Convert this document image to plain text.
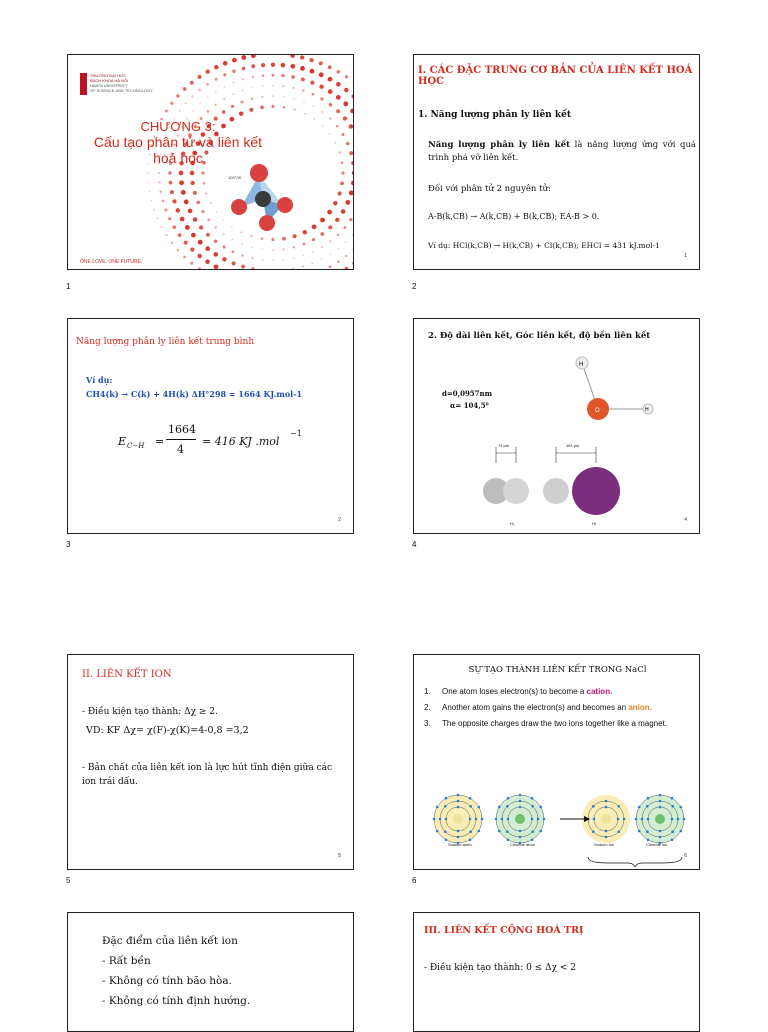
TRƯỜNG ĐẠI HỌC
BÁCH KHOA HÀ NỘI
HANOI UNIVERSITY
OF SCIENCE AND TECHNOLOGY
CHƯƠNG 3:
Cấu tạo phân tử và liên kết
hoá học
109°28'
ONE LOVE. ONE FUTURE.
1
I. CÁC ĐẶC TRƯNG CƠ BẢN CỦA LIÊN KẾT HOÁ HỌC
1. Năng lượng phân ly liên kết
Năng lượng phân ly liên kết là năng lượng ứng với quá trình phá vỡ liên kết.
Đối với phân tử 2 nguyên tử:
A-B(k,CB) → A(k,CB) + B(k,CB); EA-B > 0.
Ví dụ: HCl(k,CB) → H(k,CB) + Cl(k,CB); EHCl = 431 kJ.mol-1
1
2
Năng lượng phân ly liên kết trung bình
Ví dụ:
CH4(k) → C(k) + 4H(k) ΔH°298 = 1664 KJ.mol-1
E C−H =
1664
4
= 416 KJ .mol
−1
2
3
2. Độ dài liên kết, Góc liên kết, độ bền liên kết
H
O	H
d=0,0957nm
α= 104,5⁰
74 pm	161 pm
H₂	HI
4
4
II. LIÊN KẾT ION
- Điều kiện tạo thành: Δχ ≥ 2.
VD: KF Δχ= χ(F)-χ(K)=4-0,8 =3,2
- Bản chất của liên kết ion là lực hút tĩnh điện giữa các ion trái dấu.
5
5
SỰ TẠO THÀNH LIÊN KẾT TRONG NaCl
1. One atom loses electron(s) to become a cation.
2. Another atom gains the electron(s) and becomes an anion.
3. The opposite charges draw the two ions together like a magnet.
Sodium atom	Chlorine atom	Sodium ion	Chloride ion
6
6
Đặc điểm của liên kết ion
- Rất bền
- Không có tính bão hòa.
- Không có tính định hướng.
III. LIÊN KẾT CỘNG HOÁ TRỊ
- Điều kiện tạo thành: 0 ≤ Δχ < 2
